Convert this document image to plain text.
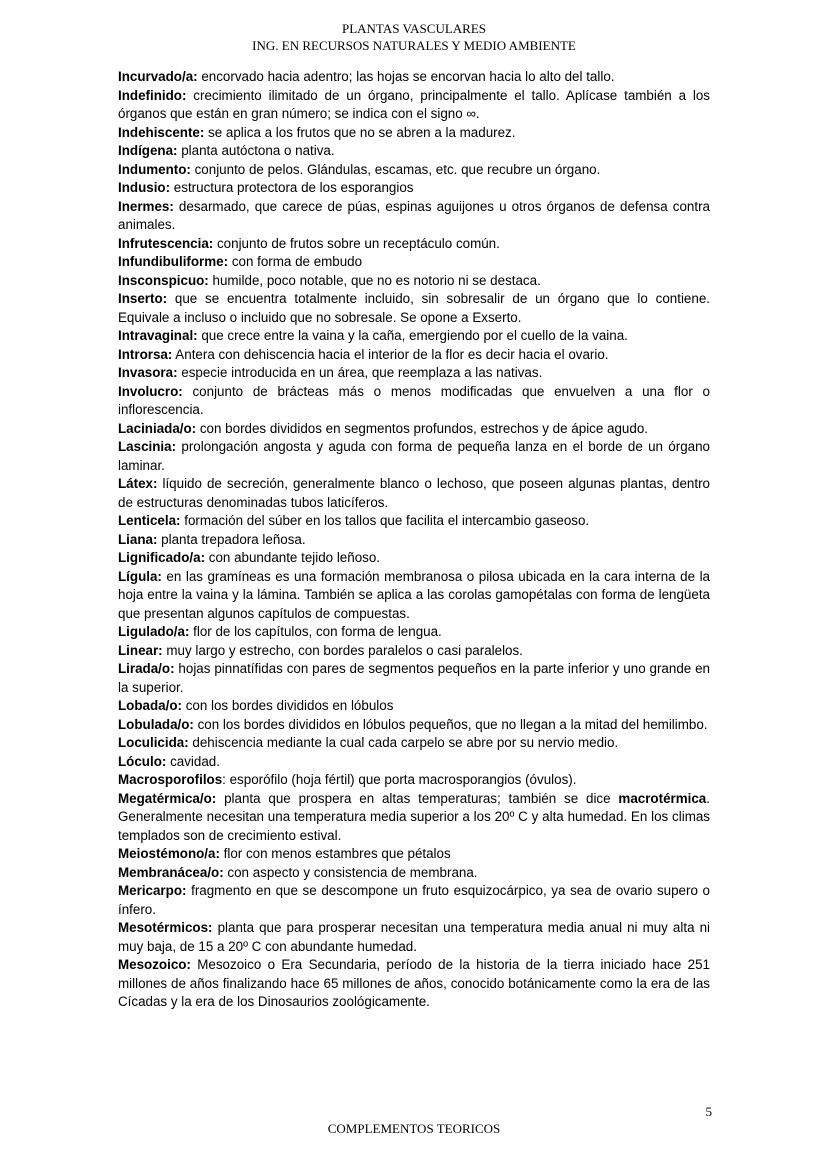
PLANTAS VASCULARES
ING. EN RECURSOS NATURALES Y MEDIO AMBIENTE

Incurvado/a: encorvado hacia adentro; las hojas se encorvan hacia lo alto del tallo.

Indefinido: crecimiento ilimitado de un órgano, principalmente el tallo. Aplícase también a los órganos que están en gran número; se indica con el signo ∞.

Indehiscente: se aplica a los frutos que no se abren a la madurez.

Indígena: planta autóctona o nativa.

Indumento: conjunto de pelos. Glándulas, escamas, etc. que recubre un órgano.

Indusio: estructura protectora de los esporangios

Inermes: desarmado, que carece de púas, espinas aguijones u otros órganos de defensa contra animales.

Infrutescencia: conjunto de frutos sobre un receptáculo común.

Infundibuliforme: con forma de embudo

Insconspicuo: humilde, poco notable, que no es notorio ni se destaca.

Inserto: que se encuentra totalmente incluido, sin sobresalir de un órgano que lo contiene. Equivale a incluso o incluido que no sobresale. Se opone a Exserto.

Intravaginal: que crece entre la vaina y la caña, emergiendo por el cuello de la vaina.

Introrsa: Antera con dehiscencia hacia el interior de la flor es decir hacia el ovario.

Invasora: especie introducida en un área, que reemplaza a las nativas.

Involucro: conjunto de brácteas más o menos modificadas que envuelven a una flor o inflorescencia.

Laciniada/o: con bordes divididos en segmentos profundos, estrechos y de ápice agudo.

Lascinia: prolongación angosta y aguda con forma de pequeña lanza en el borde de un órgano laminar.

Látex: líquido de secreción, generalmente blanco o lechoso, que poseen algunas plantas, dentro de estructuras denominadas tubos laticíferos.

Lenticela: formación del súber en los tallos que facilita el intercambio gaseoso.

Liana: planta trepadora leñosa.

Lignificado/a: con abundante tejido leñoso.

Lígula: en las gramíneas es una formación membranosa o pilosa ubicada en la cara interna de la hoja entre la vaina y la lámina. También se aplica a las corolas gamopétalas con forma de lengüeta que presentan algunos capítulos de compuestas.

Ligulado/a: flor de los capítulos, con forma de lengua.

Linear: muy largo y estrecho, con bordes paralelos o casi paralelos.

Lirada/o: hojas pinnatífidas con pares de segmentos pequeños en la parte inferior y uno grande en la superior.

Lobada/o: con los bordes divididos en lóbulos

Lobulada/o: con los bordes divididos en lóbulos pequeños, que no llegan a la mitad del hemilimbo.

Loculicida: dehiscencia mediante la cual cada carpelo se abre por su nervio medio.

Lóculo: cavidad.

Macrosporofilos: esporófilo (hoja fértil) que porta macrosporangios (óvulos).

Megatérmica/o: planta que prospera en altas temperaturas; también se dice macrotérmica. Generalmente necesitan una temperatura media superior a los 20º C y alta humedad. En los climas templados son de crecimiento estival.

Meiostémono/a: flor con menos estambres que pétalos

Membranácea/o: con aspecto y consistencia de membrana.

Mericarpo: fragmento en que se descompone un fruto esquizocárpico, ya sea de ovario supero o ínfero.

Mesotérmicos: planta que para prosperar necesitan una temperatura media anual ni muy alta ni muy baja, de 15 a 20º C con abundante humedad.

Mesozoico: Mesozoico o Era Secundaria, período de la historia de la tierra iniciado hace 251 millones de años finalizando hace 65 millones de años, conocido botánicamente como la era de las Cícadas y la era de los Dinosaurios zoológicamente.

5
COMPLEMENTOS TEORICOS
